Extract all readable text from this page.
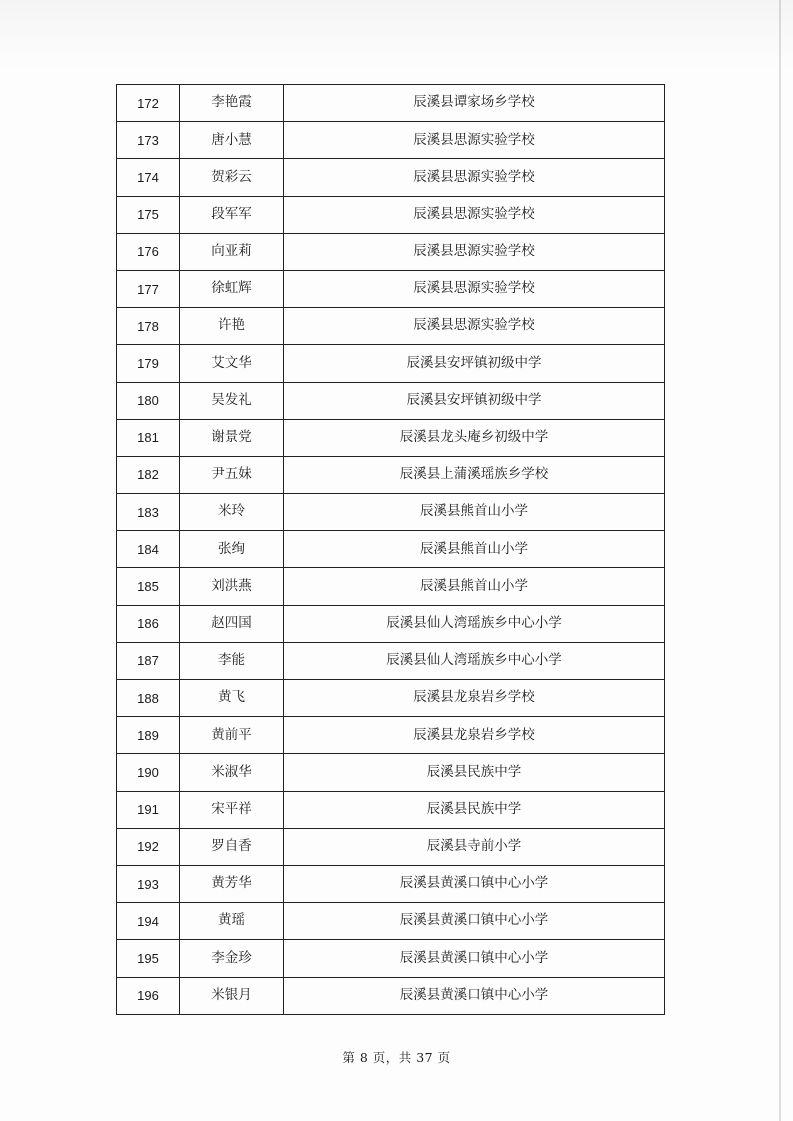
172	李艳霞	辰溪县谭家场乡学校
173	唐小慧	辰溪县思源实验学校
174	贺彩云	辰溪县思源实验学校
175	段军军	辰溪县思源实验学校
176	向亚莉	辰溪县思源实验学校
177	徐虹辉	辰溪县思源实验学校
178	许艳	辰溪县思源实验学校
179	艾文华	辰溪县安坪镇初级中学
180	吴发礼	辰溪县安坪镇初级中学
181	谢景党	辰溪县龙头庵乡初级中学
182	尹五妹	辰溪县上蒲溪瑶族乡学校
183	米玲	辰溪县熊首山小学
184	张绚	辰溪县熊首山小学
185	刘洪燕	辰溪县熊首山小学
186	赵四国	辰溪县仙人湾瑶族乡中心小学
187	李能	辰溪县仙人湾瑶族乡中心小学
188	黄飞	辰溪县龙泉岩乡学校
189	黄前平	辰溪县龙泉岩乡学校
190	米淑华	辰溪县民族中学
191	宋平祥	辰溪县民族中学
192	罗自香	辰溪县寺前小学
193	黄芳华	辰溪县黄溪口镇中心小学
194	黄瑶	辰溪县黄溪口镇中心小学
195	李金珍	辰溪县黄溪口镇中心小学
196	米银月	辰溪县黄溪口镇中心小学
第 8 页，共 37 页
